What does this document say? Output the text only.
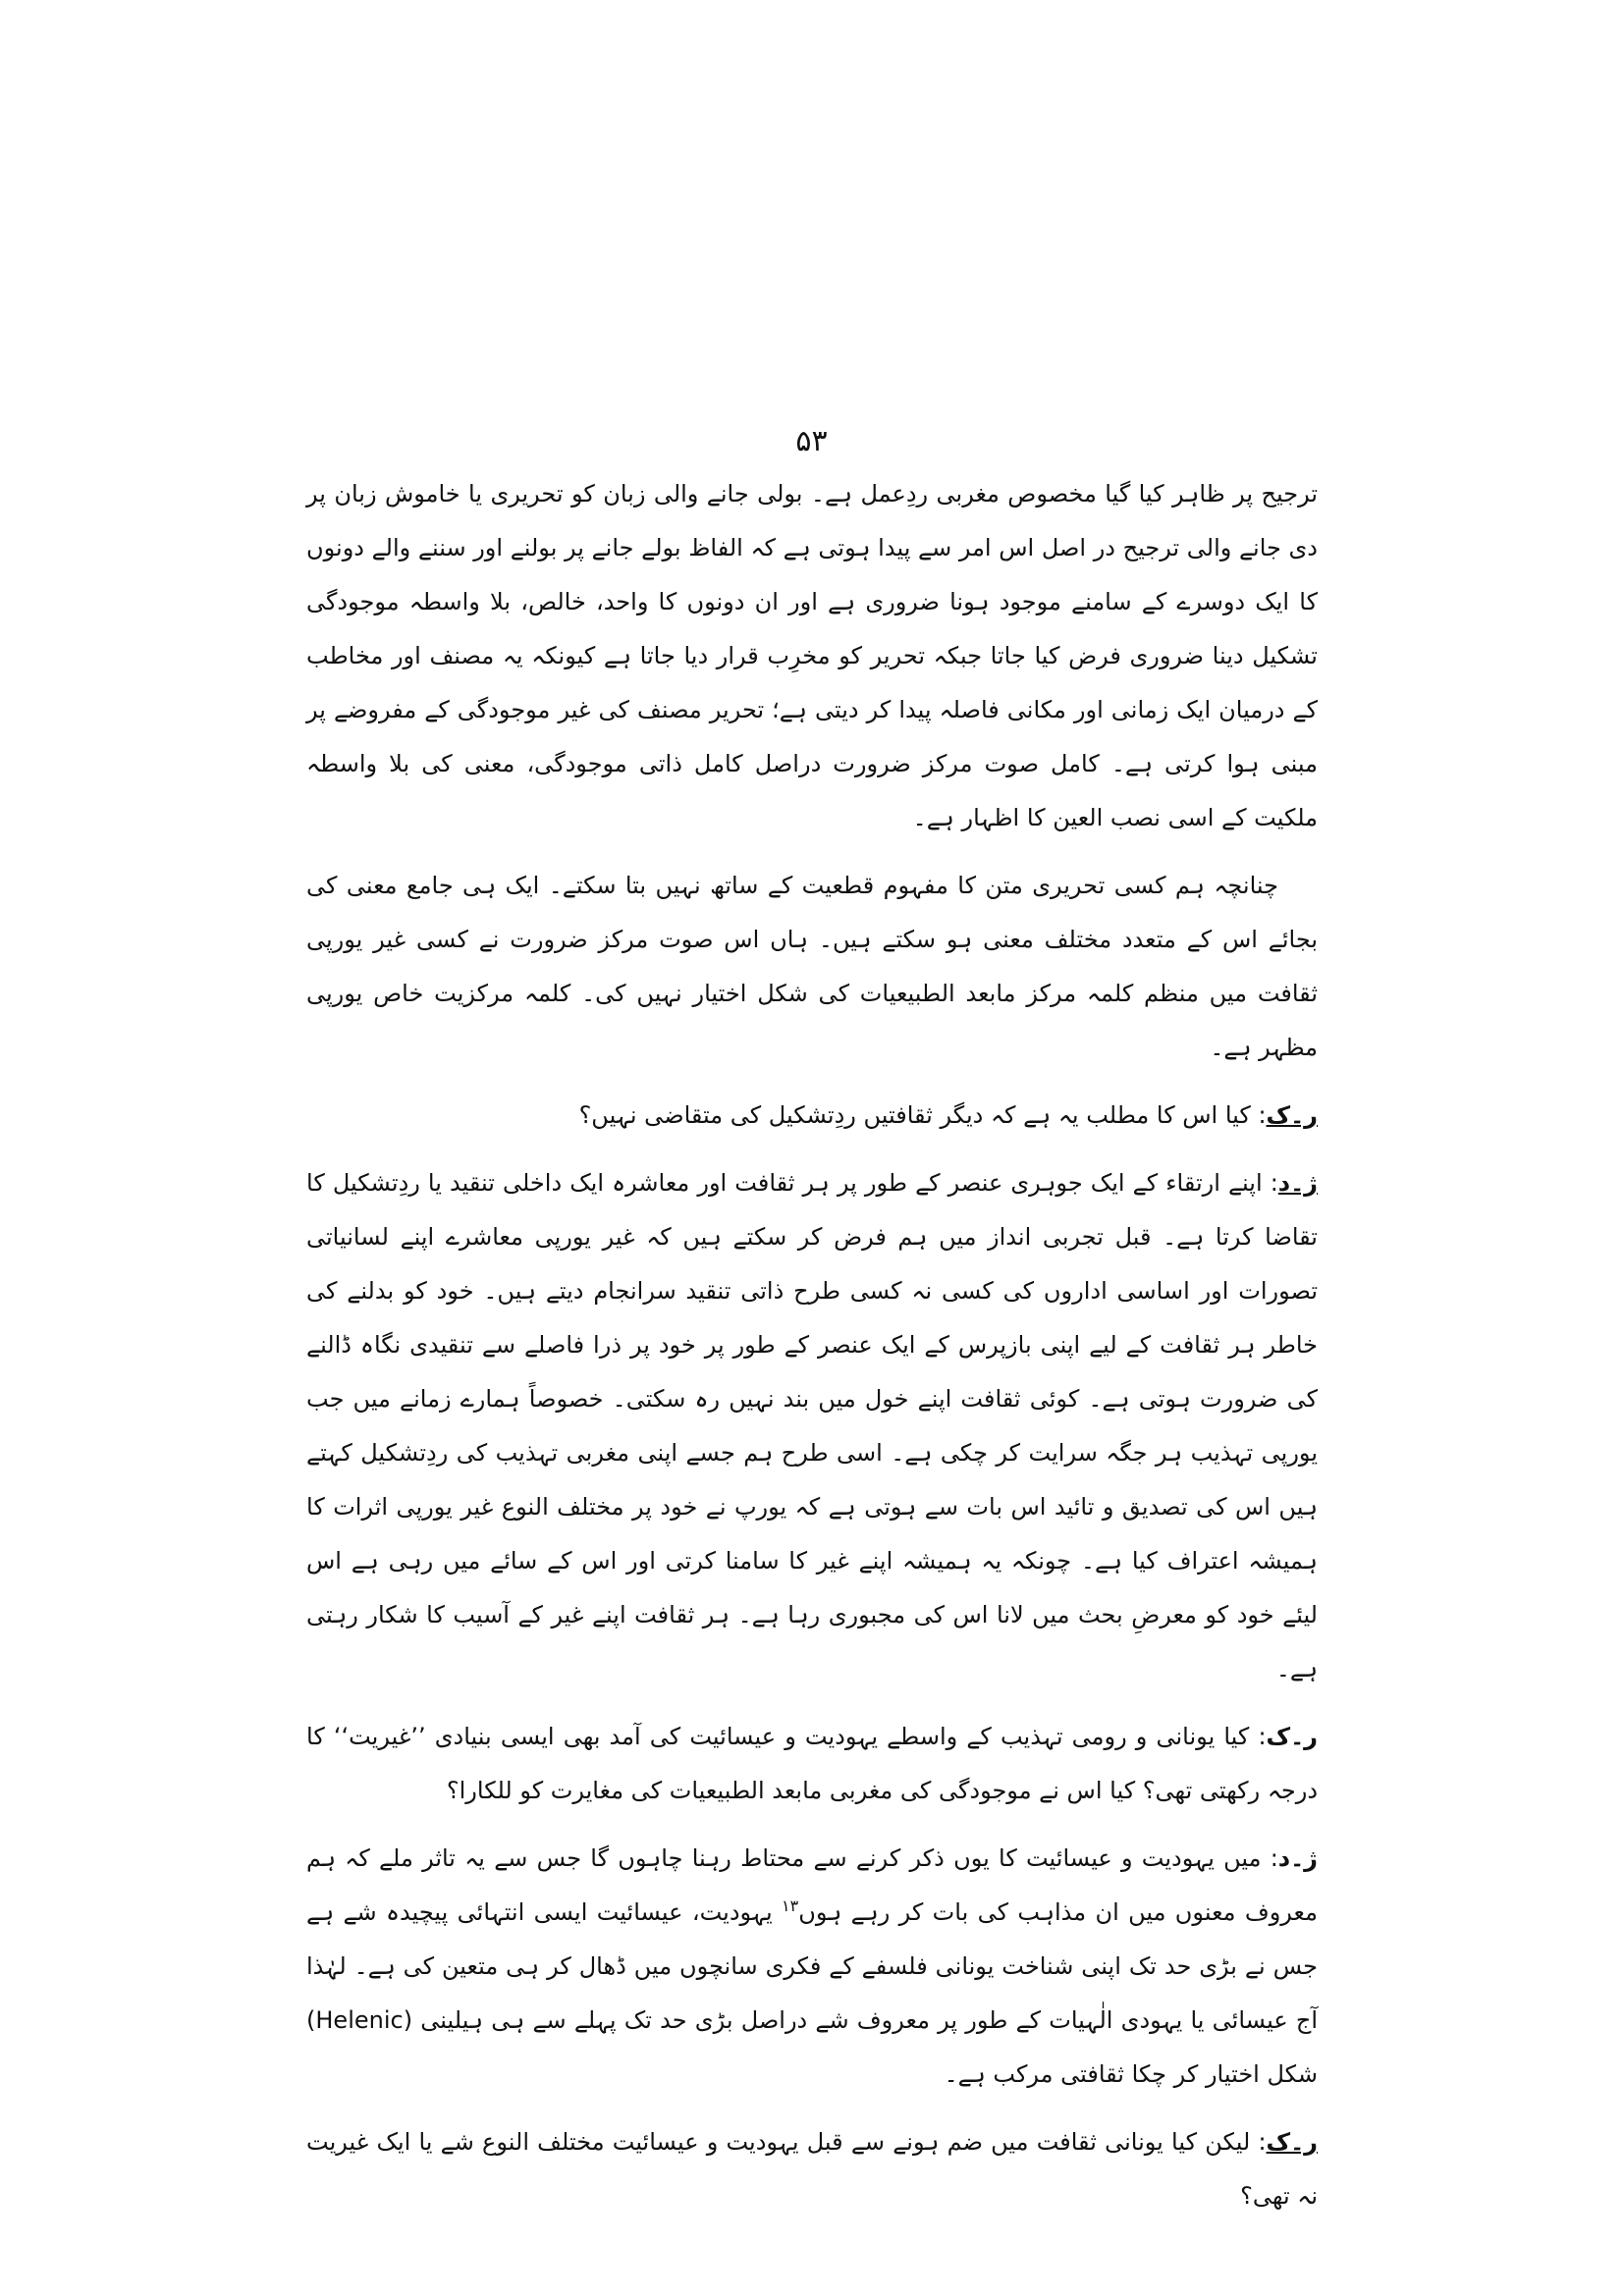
۵۳

ترجیح پر ظاہر کیا گیا مخصوص مغربی ردِعمل ہے۔ بولی جانے والی زبان کو تحریری یا خاموش زبان پر دی جانے والی ترجیح در اصل اس امر سے پیدا ہوتی ہے کہ الفاظ بولے جانے پر بولنے اور سننے والے دونوں کا ایک دوسرے کے سامنے موجود ہونا ضروری ہے اور ان دونوں کا واحد، خالص، بلا واسطہ موجودگی تشکیل دینا ضروری فرض کیا جاتا جبکہ تحریر کو مخرِب قرار دیا جاتا ہے کیونکہ یہ مصنف اور مخاطب کے درمیان ایک زمانی اور مکانی فاصلہ پیدا کر دیتی ہے؛ تحریر مصنف کی غیر موجودگی کے مفروضے پر مبنی ہوا کرتی ہے۔ کامل صوت مرکز ضرورت دراصل کامل ذاتی موجودگی، معنی کی بلا واسطہ ملکیت کے اسی نصب العین کا اظہار ہے۔

چنانچہ ہم کسی تحریری متن کا مفہوم قطعیت کے ساتھ نہیں بتا سکتے۔ ایک ہی جامع معنی کی بجائے اس کے متعدد مختلف معنی ہو سکتے ہیں۔ ہاں اس صوت مرکز ضرورت نے کسی غیر یورپی ثقافت میں منظم کلمہ مرکز مابعد الطبیعیات کی شکل اختیار نہیں کی۔ کلمہ مرکزیت خاص یورپی مظہر ہے۔

ر۔ک: کیا اس کا مطلب یہ ہے کہ دیگر ثقافتیں ردِتشکیل کی متقاضی نہیں؟

ژ۔د: اپنے ارتقاء کے ایک جوہری عنصر کے طور پر ہر ثقافت اور معاشرہ ایک داخلی تنقید یا ردِتشکیل کا تقاضا کرتا ہے۔ قبل تجربی انداز میں ہم فرض کر سکتے ہیں کہ غیر یورپی معاشرے اپنے لسانیاتی تصورات اور اساسی اداروں کی کسی نہ کسی طرح ذاتی تنقید سرانجام دیتے ہیں۔ خود کو بدلنے کی خاطر ہر ثقافت کے لیے اپنی بازپرس کے ایک عنصر کے طور پر خود پر ذرا فاصلے سے تنقیدی نگاہ ڈالنے کی ضرورت ہوتی ہے۔ کوئی ثقافت اپنے خول میں بند نہیں رہ سکتی۔ خصوصاً ہمارے زمانے میں جب یورپی تہذیب ہر جگہ سرایت کر چکی ہے۔ اسی طرح ہم جسے اپنی مغربی تہذیب کی ردِتشکیل کہتے ہیں اس کی تصدیق و تائید اس بات سے ہوتی ہے کہ یورپ نے خود پر مختلف النوع غیر یورپی اثرات کا ہمیشہ اعتراف کیا ہے۔ چونکہ یہ ہمیشہ اپنے غیر کا سامنا کرتی اور اس کے سائے میں رہی ہے اس لیئے خود کو معرضِ بحث میں لانا اس کی مجبوری رہا ہے۔ ہر ثقافت اپنے غیر کے آسیب کا شکار رہتی ہے۔

ر۔ک: کیا یونانی و رومی تہذیب کے واسطے یہودیت و عیسائیت کی آمد بھی ایسی بنیادی ’’غیریت‘‘ کا درجہ رکھتی تھی؟ کیا اس نے موجودگی کی مغربی مابعد الطبیعیات کی مغایرت کو للکارا؟

ژ۔د: میں یہودیت و عیسائیت کا یوں ذکر کرنے سے محتاط رہنا چاہوں گا جس سے یہ تاثر ملے کہ ہم معروف معنوں میں ان مذاہب کی بات کر رہے ہوں$^{۱۳}$ یہودیت، عیسائیت ایسی انتہائی پیچیدہ شے ہے جس نے بڑی حد تک اپنی شناخت یونانی فلسفے کے فکری سانچوں میں ڈھال کر ہی متعین کی ہے۔ لہٰذا آج عیسائی یا یہودی الٰہیات کے طور پر معروف شے دراصل بڑی حد تک پہلے سے ہی ہیلینی (Helenic) شکل اختیار کر چکا ثقافتی مرکب ہے۔

ر۔ک: لیکن کیا یونانی ثقافت میں ضم ہونے سے قبل یہودیت و عیسائیت مختلف النوع شے یا ایک غیریت نہ تھی؟
